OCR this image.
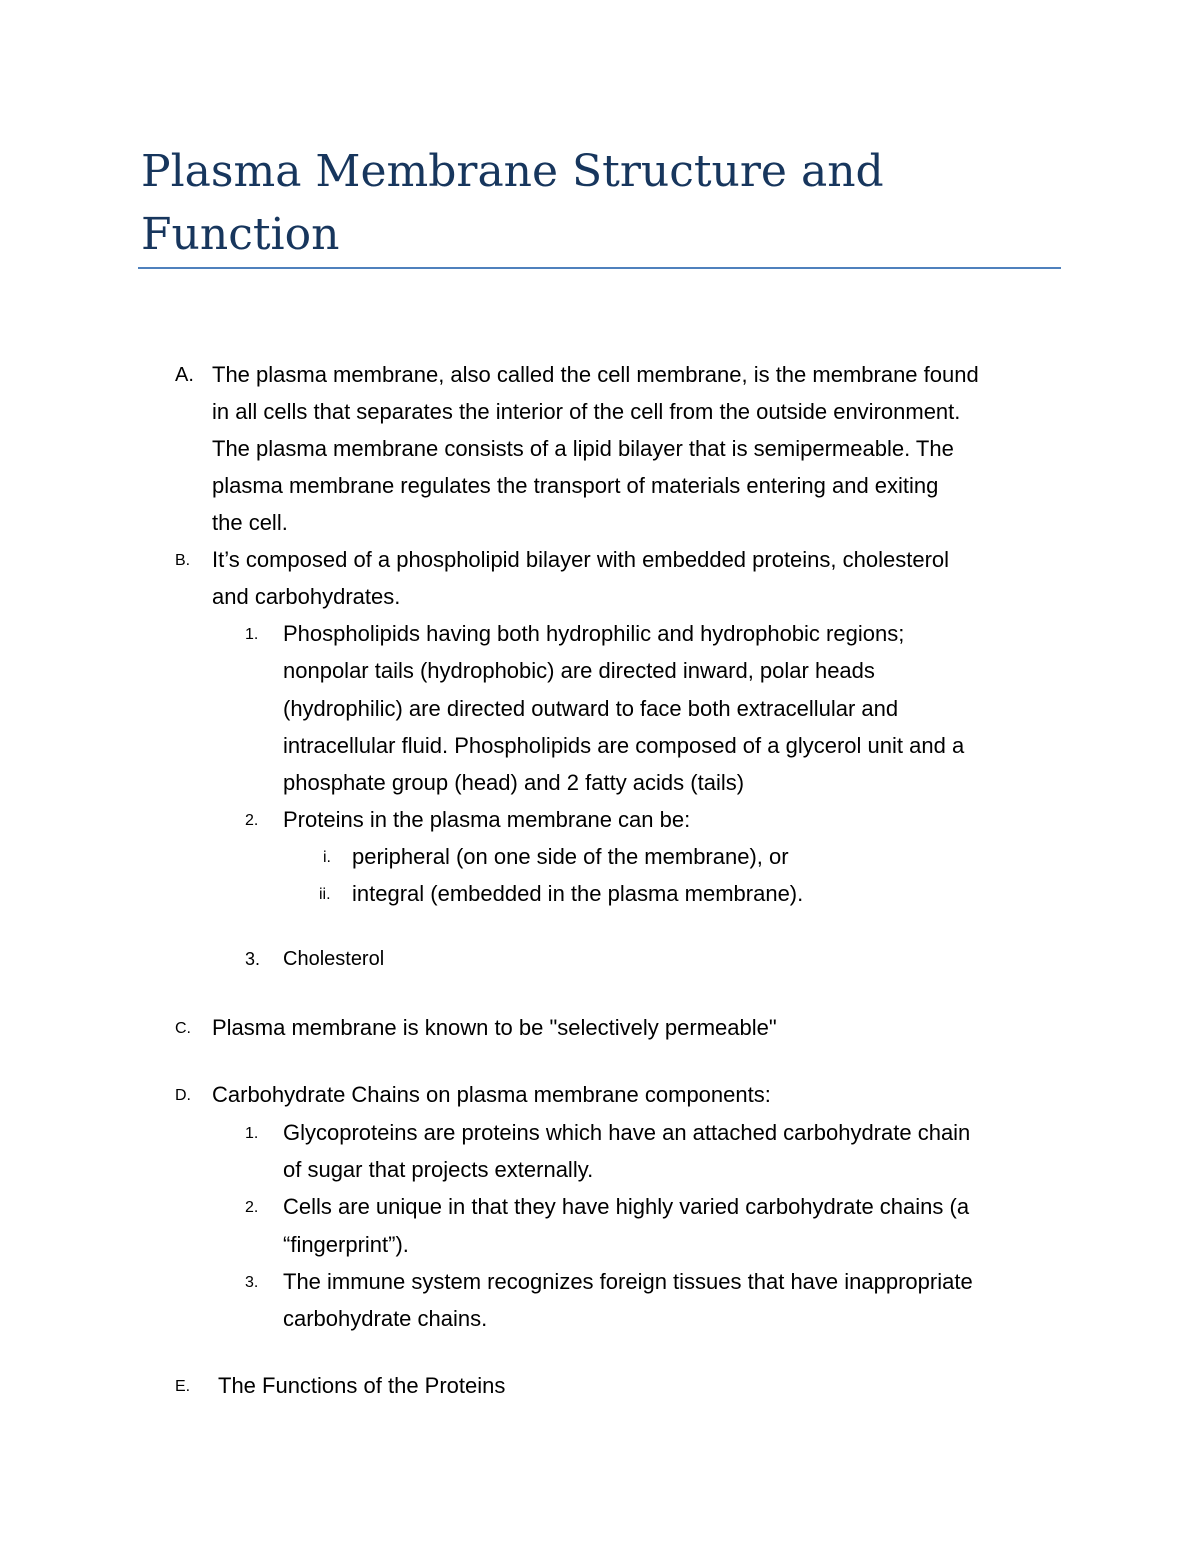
Plasma Membrane Structure and Function
A. The plasma membrane, also called the cell membrane, is the membrane found

in all cells that separates the interior of the cell from the outside environment.

The plasma membrane consists of a lipid bilayer that is semipermeable. The

plasma membrane regulates the transport of materials entering and exiting

the cell.

B. It’s composed of a phospholipid bilayer with embedded proteins, cholesterol

and carbohydrates.

1. Phospholipids having both hydrophilic and hydrophobic regions;

nonpolar tails (hydrophobic) are directed inward, polar heads

(hydrophilic) are directed outward to face both extracellular and

intracellular fluid. Phospholipids are composed of a glycerol unit and a

phosphate group (head) and 2 fatty acids (tails)

2. Proteins in the plasma membrane can be:

i. peripheral (on one side of the membrane), or

ii. integral (embedded in the plasma membrane).

3. Cholesterol

C. Plasma membrane is known to be "selectively permeable"

D. Carbohydrate Chains on plasma membrane components:

1. Glycoproteins are proteins which have an attached carbohydrate chain

of sugar that projects externally.

2. Cells are unique in that they have highly varied carbohydrate chains (a

“fingerprint”).

3. The immune system recognizes foreign tissues that have inappropriate

carbohydrate chains.

E. The Functions of the Proteins
